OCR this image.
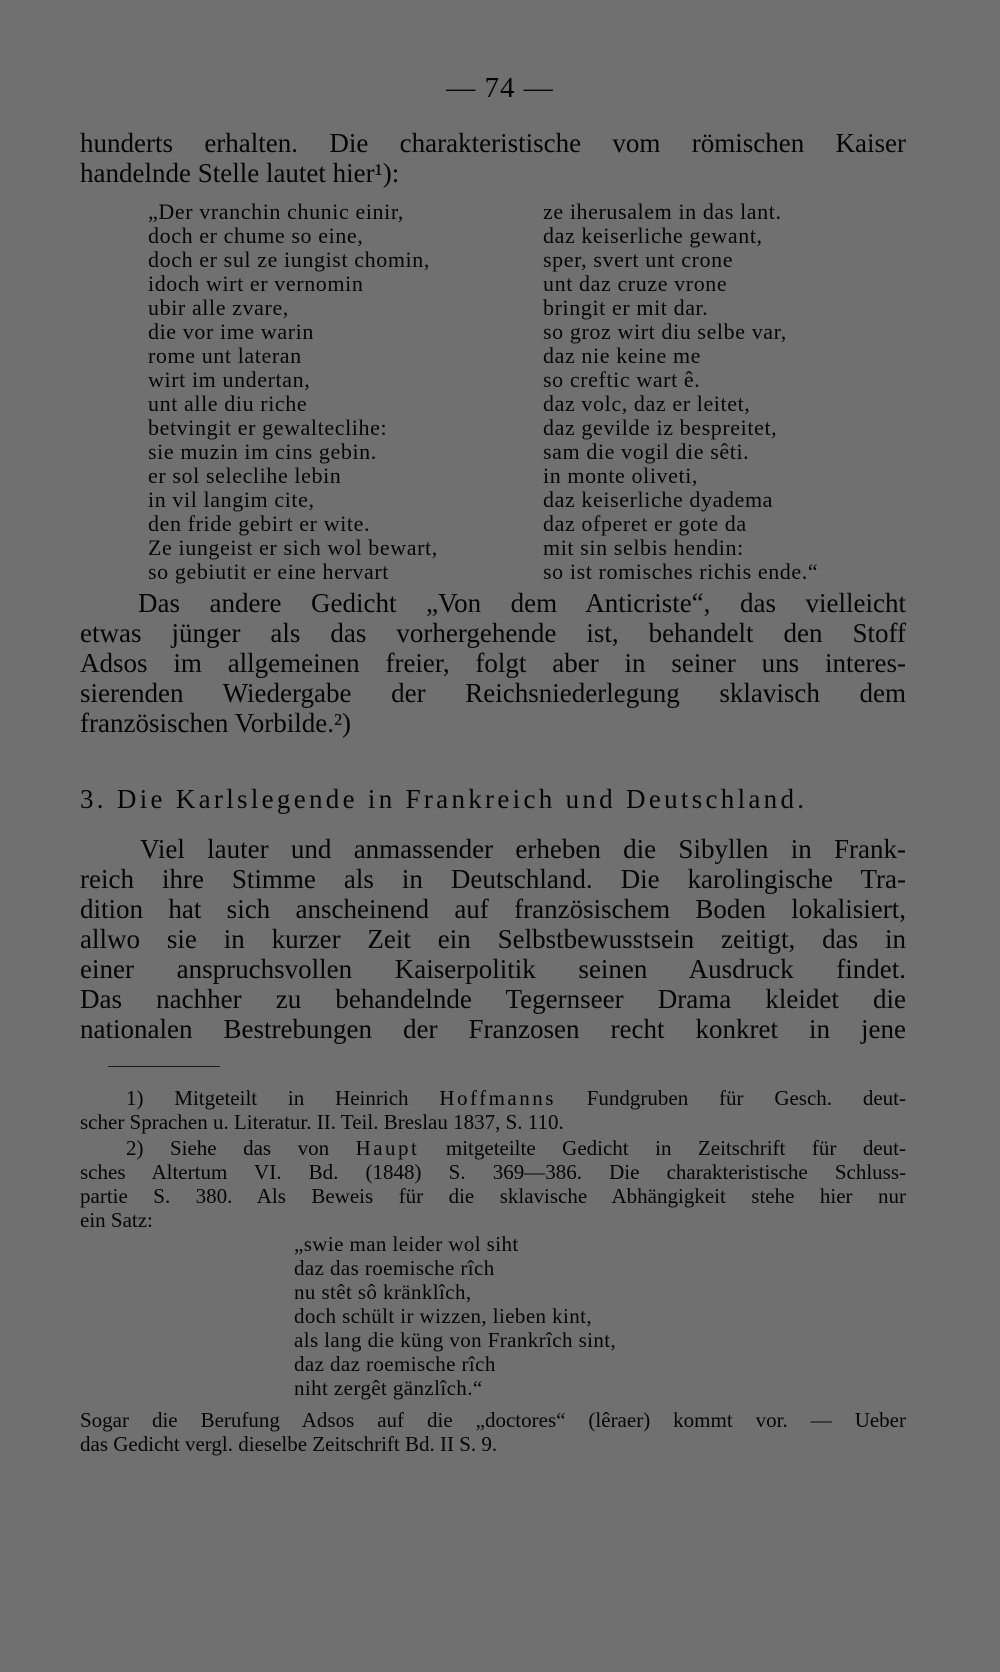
— 74 —
hunderts erhalten. Die charakteristische vom römischen Kaiser
handelnde Stelle lautet hier¹):
„Der vranchin chunic einir,
doch er chume so eine,
doch er sul ze iungist chomin,
idoch wirt er vernomin
ubir alle zvare,
die vor ime warin
rome unt lateran
wirt im undertan,
unt alle diu riche
betvingit er gewalteclihe:
sie muzin im cins gebin.
er sol seleclihe lebin
in vil langim cite,
den fride gebirt er wite.
Ze iungeist er sich wol bewart,
so gebiutit er eine hervart
ze iherusalem in das lant.
daz keiserliche gewant,
sper, svert unt crone
unt daz cruze vrone
bringit er mit dar.
so groz wirt diu selbe var,
daz nie keine me
so creftic wart ê.
daz volc, daz er leitet,
daz gevilde iz bespreitet,
sam die vogil die sêti.
in monte oliveti,
daz keiserliche dyadema
daz ofperet er gote da
mit sin selbis hendin:
so ist romisches richis ende.“
Das andere Gedicht „Von dem Anticriste“, das vielleicht
etwas jünger als das vorhergehende ist, behandelt den Stoff
Adsos im allgemeinen freier, folgt aber in seiner uns interes-
sierenden Wiedergabe der Reichsniederlegung sklavisch dem
französischen Vorbilde.²)
3. Die Karlslegende in Frankreich und Deutschland.
Viel lauter und anmassender erheben die Sibyllen in Frank-
reich ihre Stimme als in Deutschland. Die karolingische Tra-
dition hat sich anscheinend auf französischem Boden lokalisiert,
allwo sie in kurzer Zeit ein Selbstbewusstsein zeitigt, das in
einer anspruchsvollen Kaiserpolitik seinen Ausdruck findet.
Das nachher zu behandelnde Tegernseer Drama kleidet die
nationalen Bestrebungen der Franzosen recht konkret in jene
1) Mitgeteilt in Heinrich Hoffmanns Fundgruben für Gesch. deut-
scher Sprachen u. Literatur. II. Teil. Breslau 1837, S. 110.
2) Siehe das von Haupt mitgeteilte Gedicht in Zeitschrift für deut-
sches Altertum VI. Bd. (1848) S. 369—386. Die charakteristische Schluss-
partie S. 380. Als Beweis für die sklavische Abhängigkeit stehe hier nur
ein Satz:
„swie man leider wol siht
daz das roemische rîch
nu stêt sô kränklîch,
doch schült ir wizzen, lieben kint,
als lang die küng von Frankrîch sint,
daz daz roemische rîch
niht zergêt gänzlîch.“
Sogar die Berufung Adsos auf die „doctores“ (lêraer) kommt vor. — Ueber
das Gedicht vergl. dieselbe Zeitschrift Bd. II S. 9.
